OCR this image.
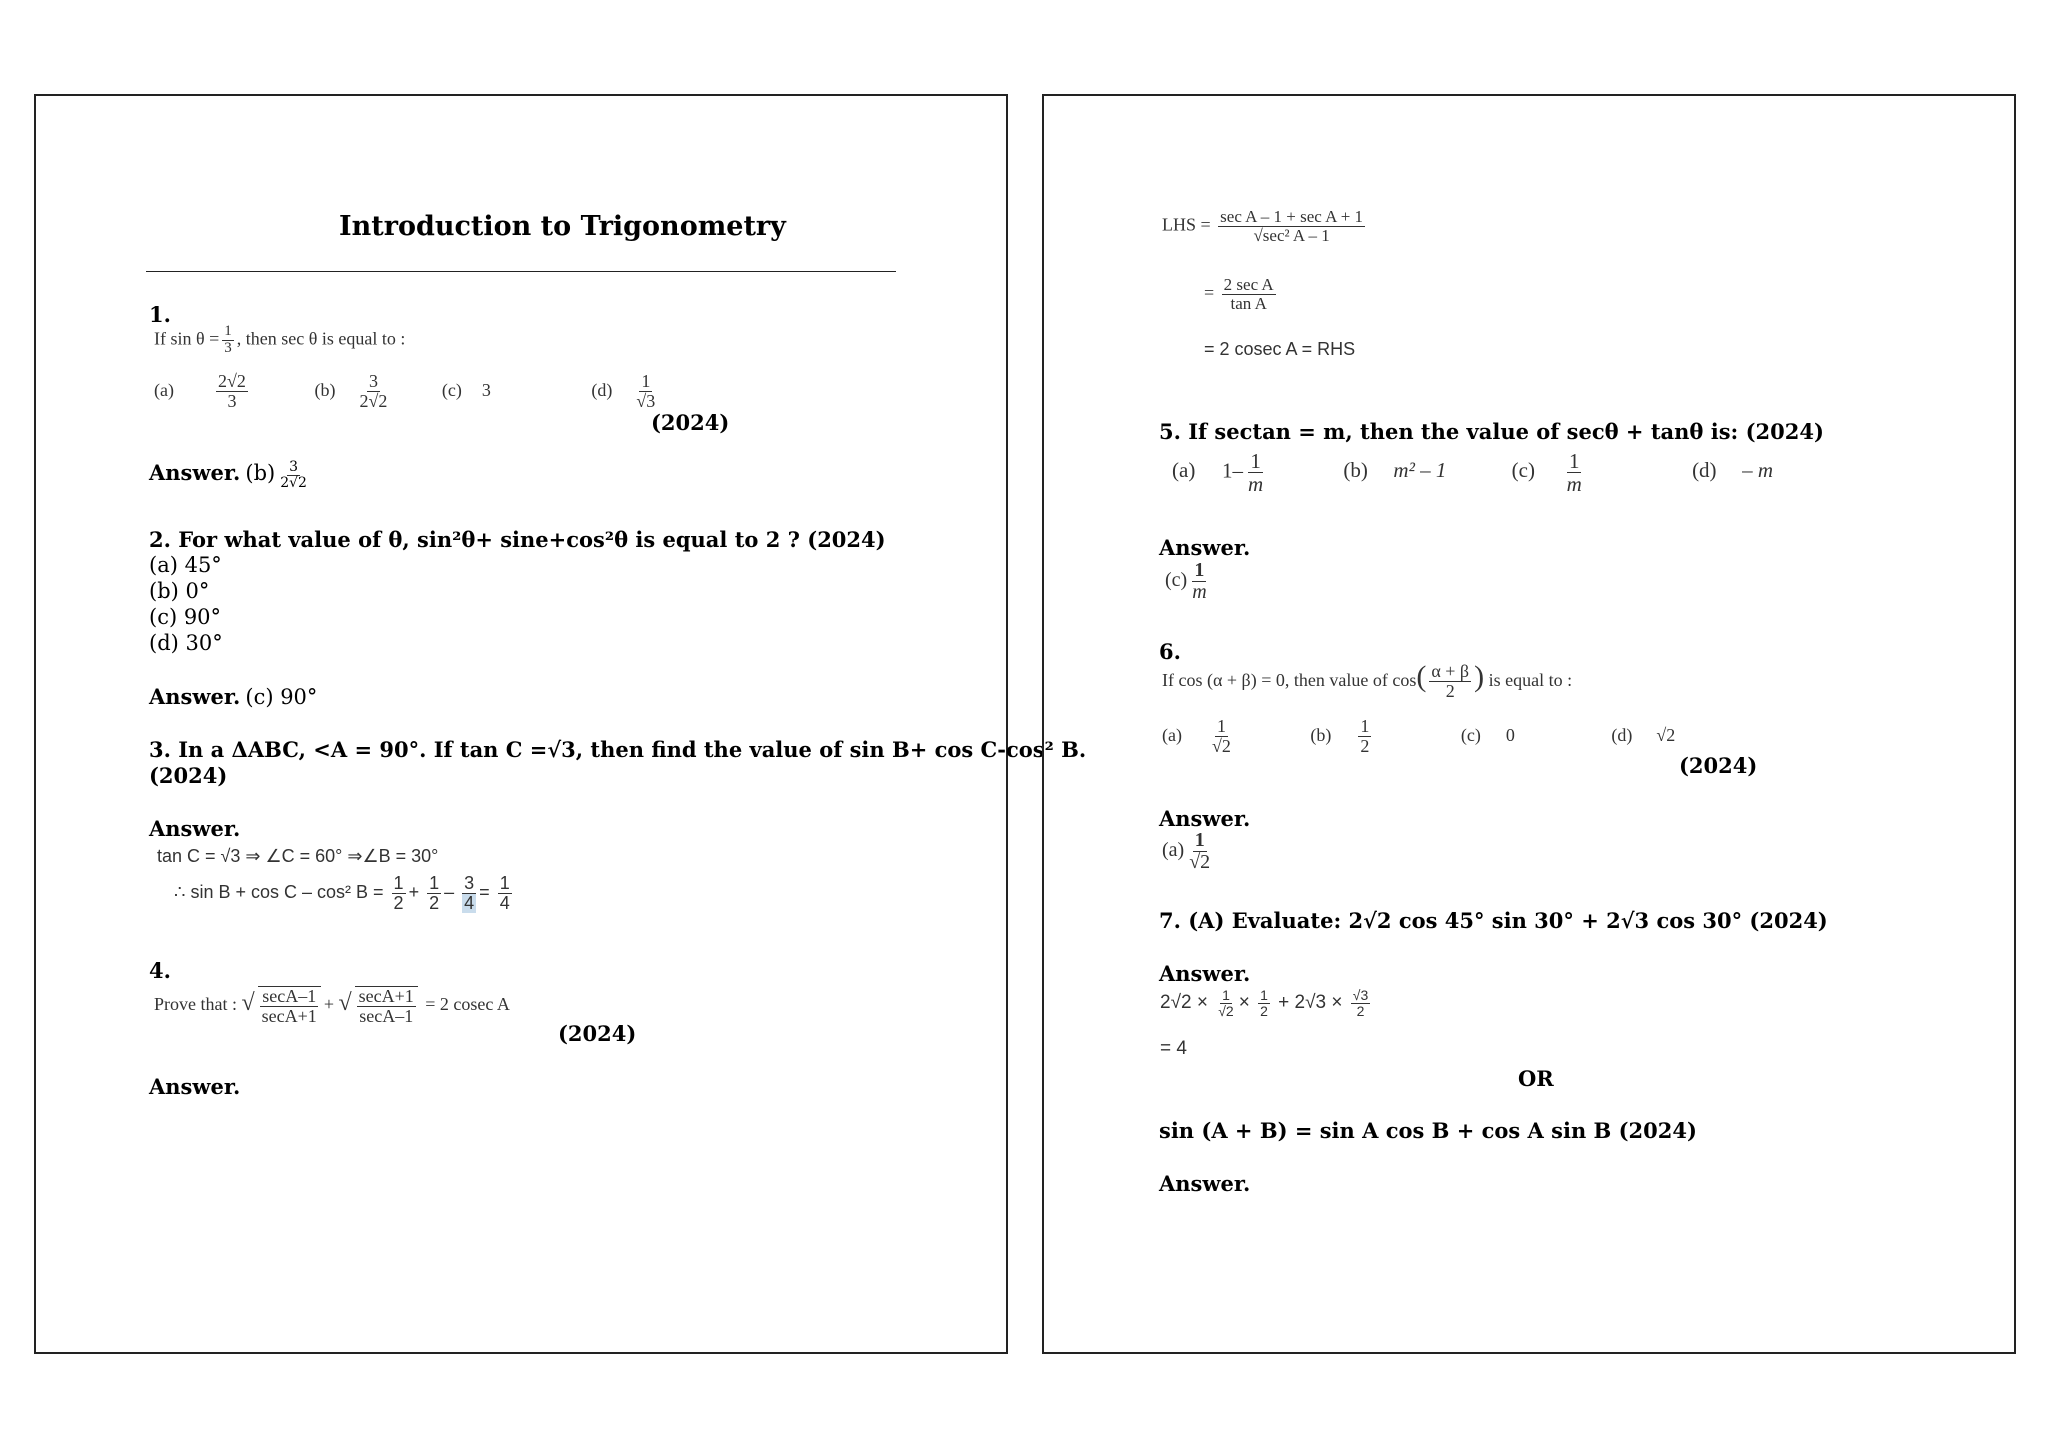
Introduction to Trigonometry
1.
If $\sin \theta = \frac{1}{3}$ , then sec θ is equal to :
$(a) \frac{2√2}{3}$	$(b) \frac{3}{2√2}$	(c) 3	$(d) \frac{1}{√3}$
(2024)
Answer. $(b) \frac{3}{2√2}$
2. For what value of θ, sin²θ+ sine+cos²θ is equal to 2 ? (2024)
(a) 45°
(b) 0°
(c) 90°
(d) 30°
Answer. (c) 90°
3. In a ΔABC, <A = 90°. If tan C =√3, then find the value of sin B+ cos C-cos² B.
(2024)
Answer.
tan C = √3 ⇒ ∠C = 60° ⇒∠B = 30°
∴ sin B + cos C – cos² $B = \frac{1}{2} + \frac{1}{2} - \frac{3}{4} = \frac{1}{4}$
4.
Prove that : √ $\frac{\sec A-1}{\sec A+1}$ + √ $\frac{\sec A+1}{\sec A-1} = 2$ cosec A
(2024)
Answer.
LHS = $\frac{\text{sec A – 1 + sec A + 1}}{\text{√sec² A – 1}}$
= $\frac{\text{2 sec A}}{\text{tan A}}$
= 2 cosec A = RHS
5. If sectan = m, then the value of secθ + tanθ is: (2024)
(a) $1- \frac{1}{m}$	(b) m² – 1	$(c) \frac{1}{m}$	(d) – m
Answer.
$(c) \frac{1}{m}$
6.
If cos (α + β) = 0, then value of $\cos( \frac{\alpha + \beta}{2}$ ) is equal to :
$(a) \frac{1}{√2}$	$(b) \frac{1}{2}$	(c) 0	(d) √2
(2024)
Answer.
$(a) \frac{1}{√2}$
7. (A) Evaluate: 2√2 cos 45° sin 30° + 2√3 cos 30° (2024)
Answer.
$2√2 \times \frac{1}{√2} \times \frac{1}{2} + 2√3 \times \frac{√3}{2}$
= 4
OR
sin (A + B) = sin A cos B + cos A sin B (2024)
Answer.
